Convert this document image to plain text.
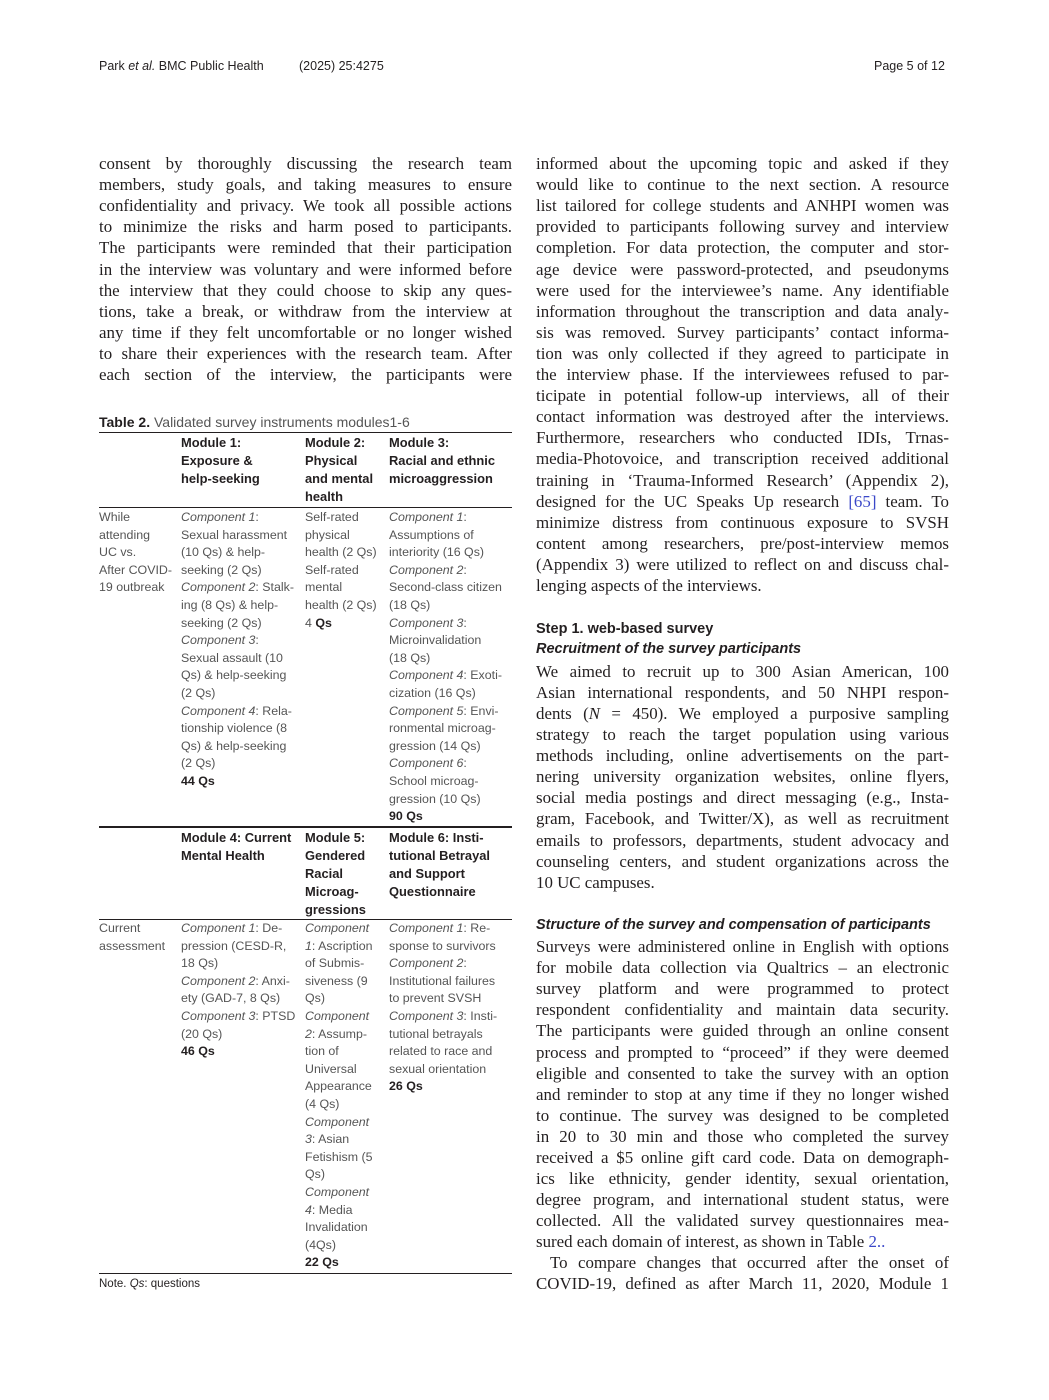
Park et al. BMC Public Health	(2025) 25:4275	Page 5 of 12
consent by thoroughly discussing the research team
members, study goals, and taking measures to ensure
confidentiality and privacy. We took all possible actions
to minimize the risks and harm posed to participants.
The participants were reminded that their participation
in the interview was voluntary and were informed before
the interview that they could choose to skip any ques-
tions, take a break, or withdraw from the interview at
any time if they felt uncomfortable or no longer wished
to share their experiences with the research team. After
each section of the interview, the participants were
Table 2. Validated survey instruments modules1-6
Module 1:
Exposure &
help-seeking
Module 2:
Physical
and mental
health
Module 3:
Racial and ethnic
microaggression
While
attending
UC vs.
After COVID-
19 outbreak
Component 1:
Sexual harassment
(10 Qs) & help-
seeking (2 Qs)
Component 2: Stalk-
ing (8 Qs) & help-
seeking (2 Qs)
Component 3:
Sexual assault (10
Qs) & help-seeking
(2 Qs)
Component 4: Rela-
tionship violence (8
Qs) & help-seeking
(2 Qs)
44 Qs
Self-rated
physical
health (2 Qs)
Self-rated
mental
health (2 Qs)
4 Qs
Component 1:
Assumptions of
interiority (16 Qs)
Component 2:
Second-class citizen
(18 Qs)
Component 3:
Microinvalidation
(18 Qs)
Component 4: Exoti-
cization (16 Qs)
Component 5: Envi-
ronmental microag-
gression (14 Qs)
Component 6:
School microag-
gression (10 Qs)
90 Qs
Module 4: Current
Mental Health
Module 5:
Gendered
Racial
Microag-
gressions
Module 6: Insti-
tutional Betrayal
and Support
Questionnaire
Current
assessment
Component 1: De-
pression (CESD-R,
18 Qs)
Component 2: Anxi-
ety (GAD-7, 8 Qs)
Component 3: PTSD
(20 Qs)
46 Qs
Component
1: Ascription
of Submis-
siveness (9
Qs)
Component
2: Assump-
tion of
Universal
Appearance
(4 Qs)
Component
3: Asian
Fetishism (5
Qs)
Component
4: Media
Invalidation
(4Qs)
22 Qs
Component 1: Re-
sponse to survivors
Component 2:
Institutional failures
to prevent SVSH
Component 3: Insti-
tutional betrayals
related to race and
sexual orientation
26 Qs
Note. Qs: questions
informed about the upcoming topic and asked if they
would like to continue to the next section. A resource
list tailored for college students and ANHPI women was
provided to participants following survey and interview
completion. For data protection, the computer and stor-
age device were password-protected, and pseudonyms
were used for the interviewee’s name. Any identifiable
information throughout the transcription and data analy-
sis was removed. Survey participants’ contact informa-
tion was only collected if they agreed to participate in
the interview phase. If the interviewees refused to par-
ticipate in potential follow-up interviews, all of their
contact information was destroyed after the interviews.
Furthermore, researchers who conducted IDIs, Trnas-
media-Photovoice, and transcription received additional
training in ‘Trauma-Informed Research’ (Appendix 2),
designed for the UC Speaks Up research [65] team. To
minimize distress from continuous exposure to SVSH
content among researchers, pre/post-interview memos
(Appendix 3) were utilized to reflect on and discuss chal-
lenging aspects of the interviews.
Step 1. web-based survey
Recruitment of the survey participants
We aimed to recruit up to 300 Asian American, 100
Asian international respondents, and 50 NHPI respon-
dents (N = 450). We employed a purposive sampling
strategy to reach the target population using various
methods including, online advertisements on the part-
nering university organization websites, online flyers,
social media postings and direct messaging (e.g., Insta-
gram, Facebook, and Twitter/X), as well as recruitment
emails to professors, departments, student advocacy and
counseling centers, and student organizations across the
10 UC campuses.
Structure of the survey and compensation of participants
Surveys were administered online in English with options
for mobile data collection via Qualtrics – an electronic
survey platform and were programmed to protect
respondent confidentiality and maintain data security.
The participants were guided through an online consent
process and prompted to “proceed” if they were deemed
eligible and consented to take the survey with an option
and reminder to stop at any time if they no longer wished
to continue. The survey was designed to be completed
in 20 to 30 min and those who completed the survey
received a $5 online gift card code. Data on demograph-
ics like ethnicity, gender identity, sexual orientation,
degree program, and international student status, were
collected. All the validated survey questionnaires mea-
sured each domain of interest, as shown in Table 2..
To compare changes that occurred after the onset of
COVID-19, defined as after March 11, 2020, Module 1
